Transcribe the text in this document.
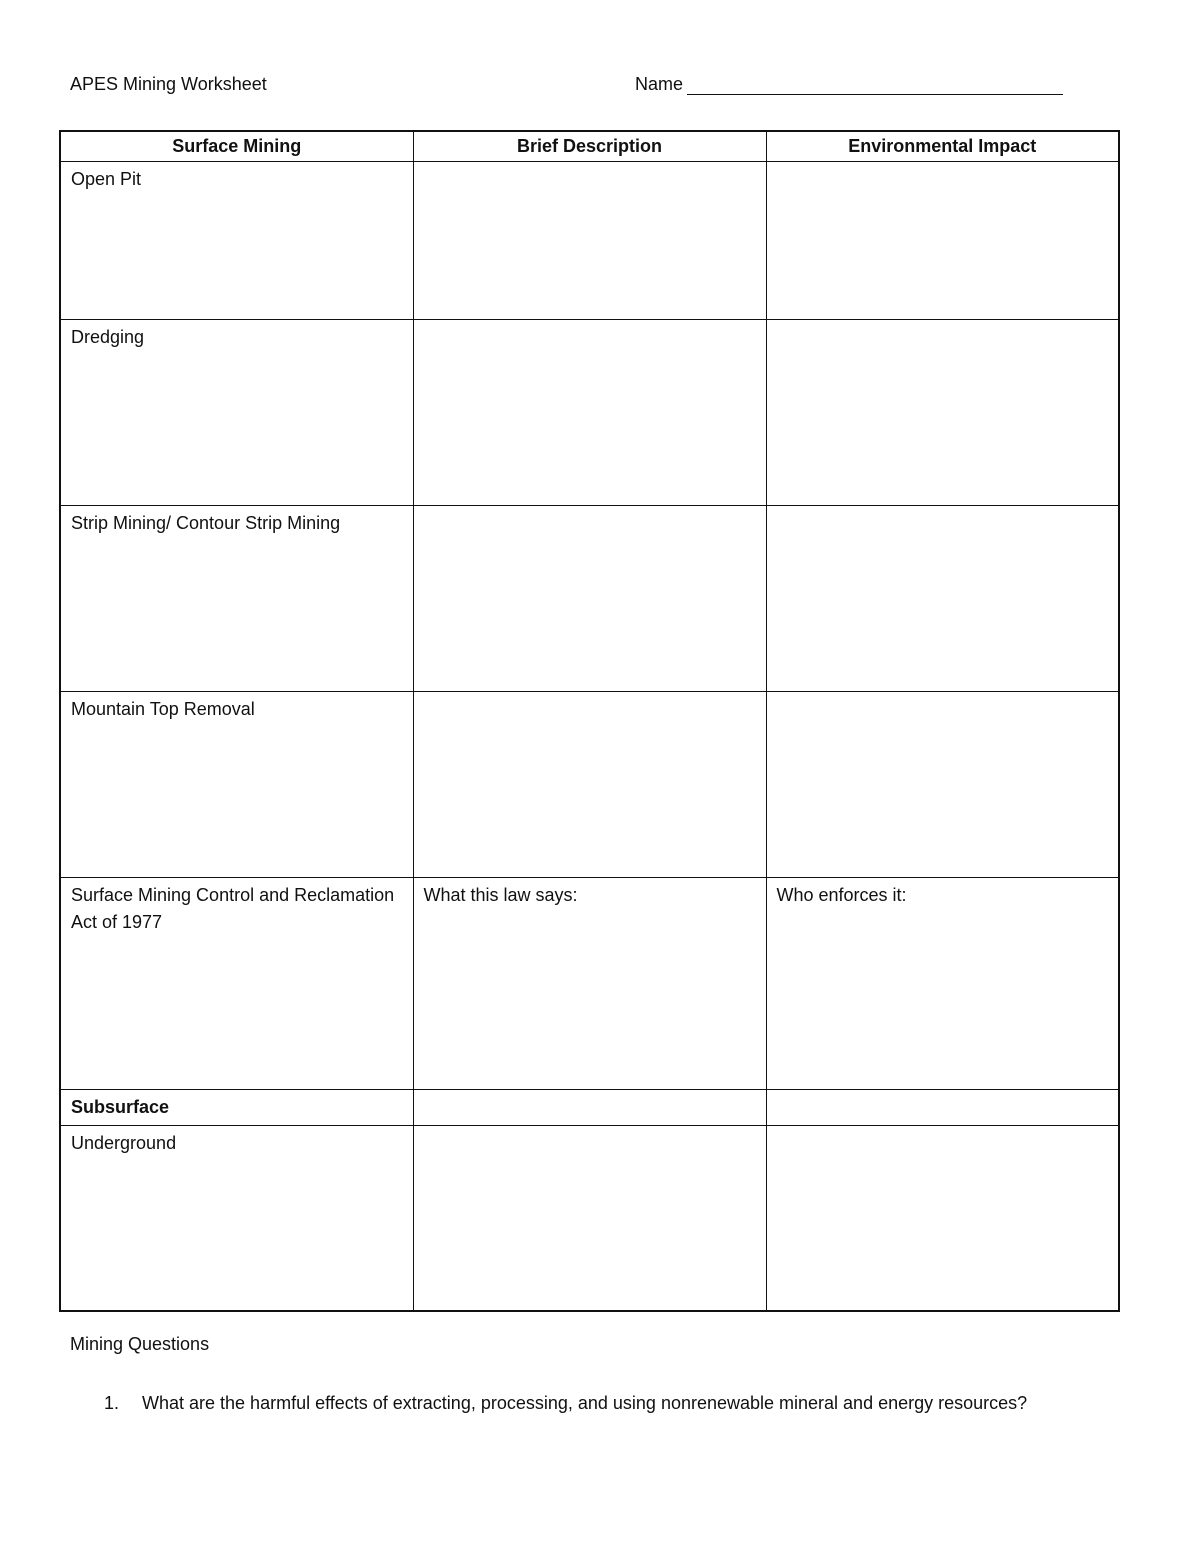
APES Mining Worksheet	Name
Surface Mining	Brief Description	Environmental Impact
Open Pit		
Dredging		
Strip Mining/ Contour Strip Mining		
Mountain Top Removal		
Surface Mining Control and Reclamation Act of 1977	What this law says:	Who enforces it:
Subsurface		
Underground		
Mining Questions
1.	What are the harmful effects of extracting, processing, and using nonrenewable mineral and energy resources?
